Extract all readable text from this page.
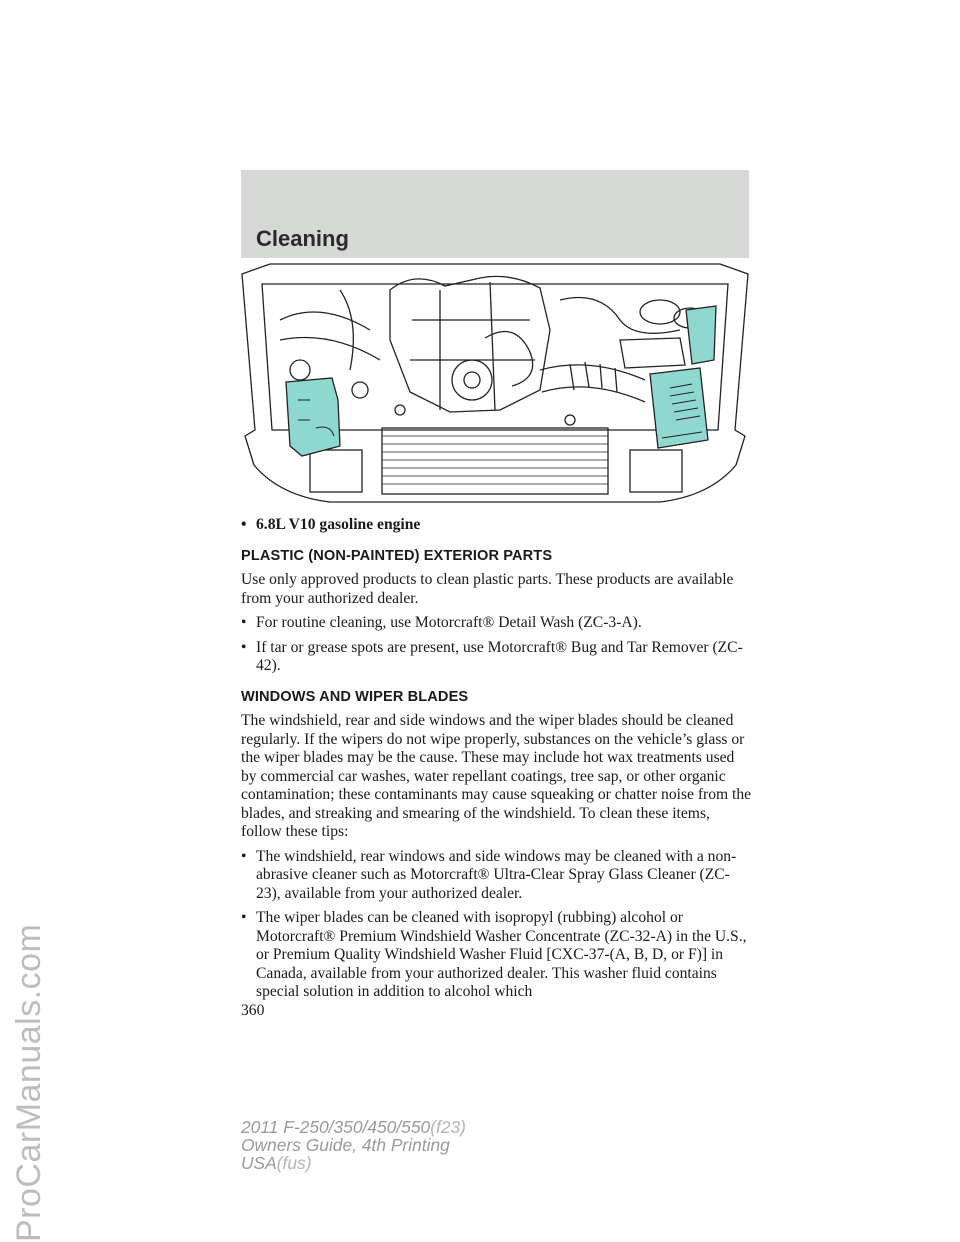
Cleaning
ProCarManuals.com
• 6.8L V10 gasoline engine
PLASTIC (NON-PAINTED) EXTERIOR PARTS

Use only approved products to clean plastic parts. These products are available from your authorized dealer.

• For routine cleaning, use Motorcraft® Detail Wash (ZC-3-A).
• If tar or grease spots are present, use Motorcraft® Bug and Tar Remover (ZC-42).
WINDOWS AND WIPER BLADES

The windshield, rear and side windows and the wiper blades should be cleaned regularly. If the wipers do not wipe properly, substances on the vehicle’s glass or the wiper blades may be the cause. These may include hot wax treatments used by commercial car washes, water repellant coatings, tree sap, or other organic contamination; these contaminants may cause squeaking or chatter noise from the blades, and streaking and smearing of the windshield. To clean these items, follow these tips:

• The windshield, rear windows and side windows may be cleaned with a non-abrasive cleaner such as Motorcraft® Ultra-Clear Spray Glass Cleaner (ZC-23), available from your authorized dealer.
• The wiper blades can be cleaned with isopropyl (rubbing) alcohol or Motorcraft® Premium Windshield Washer Concentrate (ZC-32-A) in the U.S., or Premium Quality Windshield Washer Fluid [CXC-37-(A, B, D, or F)] in Canada, available from your authorized dealer. This washer fluid contains special solution in addition to alcohol which
360
2011 F-250/350/450/550(f23)
Owners Guide, 4th Printing
USA(fus)
